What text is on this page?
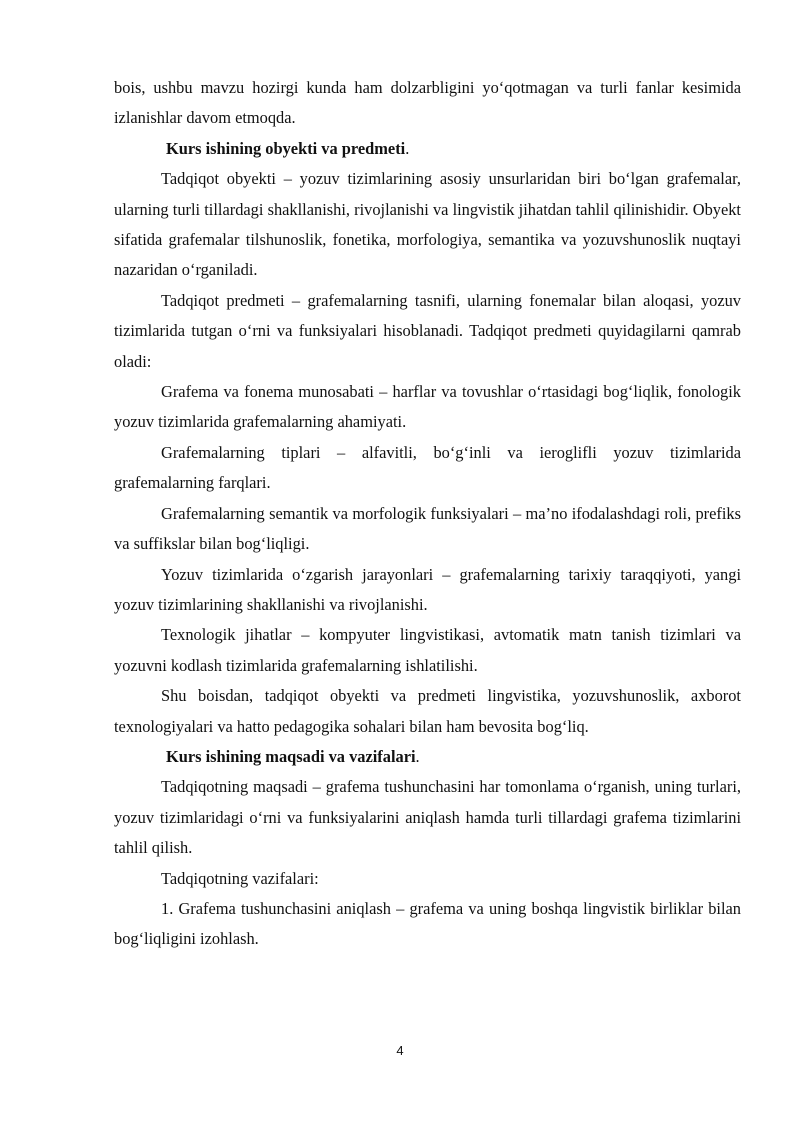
bois, ushbu mavzu hozirgi kunda ham dolzarbligini yo‘qotmagan va turli fanlar kesimida izlanishlar davom etmoqda.

Kurs ishining obyekti va predmeti.

Tadqiqot obyekti – yozuv tizimlarining asosiy unsurlaridan biri bo‘lgan grafemalar, ularning turli tillardagi shakllanishi, rivojlanishi va lingvistik jihatdan tahlil qilinishidir. Obyekt sifatida grafemalar tilshunoslik, fonetika, morfologiya, semantika va yozuvshunoslik nuqtayi nazaridan o‘rganiladi.

Tadqiqot predmeti – grafemalarning tasnifi, ularning fonemalar bilan aloqasi, yozuv tizimlarida tutgan o‘rni va funksiyalari hisoblanadi. Tadqiqot predmeti quyidagilarni qamrab oladi:

Grafema va fonema munosabati – harflar va tovushlar o‘rtasidagi bog‘liqlik, fonologik yozuv tizimlarida grafemalarning ahamiyati.

Grafemalarning tiplari – alfavitli, bo‘g‘inli va ieroglifli yozuv tizimlarida grafemalarning farqlari.

Grafemalarning semantik va morfologik funksiyalari – ma’no ifodalashdagi roli, prefiks va suffikslar bilan bog‘liqligi.

Yozuv tizimlarida o‘zgarish jarayonlari – grafemalarning tarixiy taraqqiyoti, yangi yozuv tizimlarining shakllanishi va rivojlanishi.

Texnologik jihatlar – kompyuter lingvistikasi, avtomatik matn tanish tizimlari va yozuvni kodlash tizimlarida grafemalarning ishlatilishi.

Shu boisdan, tadqiqot obyekti va predmeti lingvistika, yozuvshunoslik, axborot texnologiyalari va hatto pedagogika sohalari bilan ham bevosita bog‘liq.

Kurs ishining maqsadi va vazifalari.

Tadqiqotning maqsadi – grafema tushunchasini har tomonlama o‘rganish, uning turlari, yozuv tizimlaridagi o‘rni va funksiyalarini aniqlash hamda turli tillardagi grafema tizimlarini tahlil qilish.

Tadqiqotning vazifalari:

1. Grafema tushunchasini aniqlash – grafema va uning boshqa lingvistik birliklar bilan bog‘liqligini izohlash.

4
